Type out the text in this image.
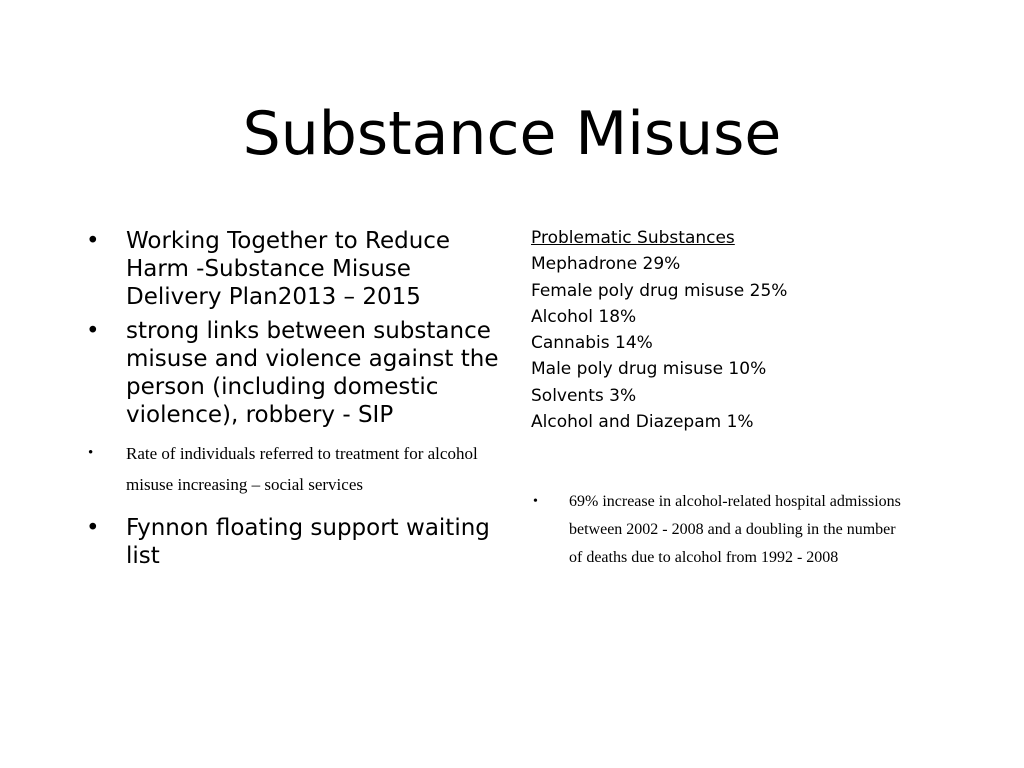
Substance Misuse
• Working Together to Reduce Harm -Substance Misuse Delivery Plan2013 – 2015
• strong links between substance misuse and violence against the person (including domestic violence), robbery - SIP
•	Rate of individuals referred to treatment for alcohol misuse increasing – social services
• Fynnon floating support waiting list
Problematic Substances
Mephadrone 29%
Female poly drug misuse 25%
Alcohol 18%
Cannabis 14%
Male poly drug misuse 10%
Solvents 3%
Alcohol and Diazepam 1%
• 69% increase in alcohol-related hospital admissions between 2002 - 2008 and a doubling in the number of deaths due to alcohol from 1992 - 2008
